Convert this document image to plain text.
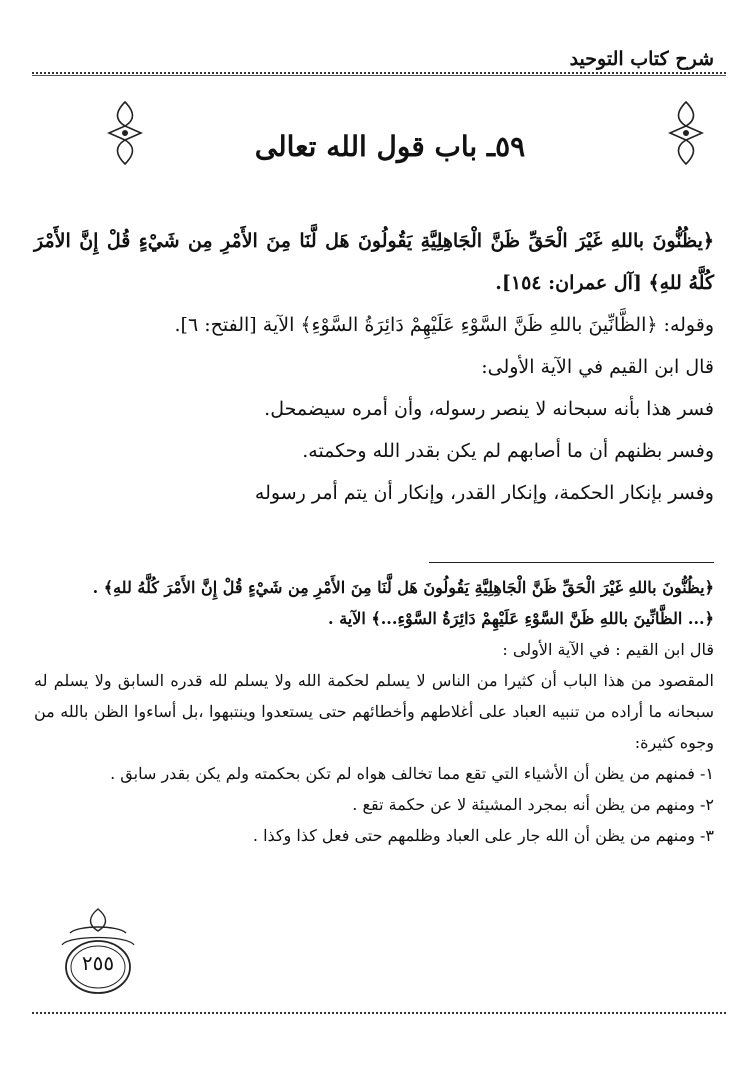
شرح كتاب التوحيد
٥٩ـ باب قول الله تعالى

﴿يظُنُّونَ باللهِ غَيْرَ الْحَقِّ ظَنَّ الْجَاهِلِيَّةِ يَقُولُونَ هَل لَّنَا مِنَ الأَمْرِ مِن شَيْءٍ قُلْ إِنَّ الأَمْرَ كُلَّهُ للهِ﴾ [آل عمران: ١٥٤].

وقوله: ﴿الظَّانِّينَ باللهِ ظَنَّ السَّوْءِ عَلَيْهِمْ دَائِرَةُ السَّوْءِ﴾ الآية [الفتح: ٦].

قال ابن القيم في الآية الأولى:

فسر هذا بأنه سبحانه لا ينصر رسوله، وأن أمره سيضمحل.

وفسر بظنهم أن ما أصابهم لم يكن بقدر الله وحكمته.

وفسر بإنكار الحكمة، وإنكار القدر، وإنكار أن يتم أمر رسوله

﴿يظُنُّونَ باللهِ غَيْرَ الْحَقِّ ظَنَّ الْجَاهِلِيَّةِ يَقُولُونَ هَل لَّنَا مِنَ الأَمْرِ مِن شَيْءٍ قُلْ إِنَّ الأَمْرَ كُلَّهُ للهِ﴾ .

﴿... الظَّانِّينَ باللهِ ظَنَّ السَّوْءِ عَلَيْهِمْ دَائِرَةُ السَّوْءِ...﴾ الآية .

قال ابن القيم : في الآية الأولى :

المقصود من هذا الباب أن كثيرا من الناس لا يسلم لحكمة الله ولا يسلم لله قدره السابق ولا يسلم له سبحانه ما أراده من تنبيه العباد على أغلاطهم وأخطائهم حتى يستعدوا وينتبهوا ،بل أساءوا الظن بالله من وجوه كثيرة:

١- فمنهم من يظن أن الأشياء التي تقع مما تخالف هواه لم تكن بحكمته ولم يكن بقدر سابق .

٢- ومنهم من يظن أنه بمجرد المشيئة لا عن حكمة تقع .

٣- ومنهم من يظن أن الله جار على العباد وظلمهم حتى فعل كذا وكذا .

٢٥٥
